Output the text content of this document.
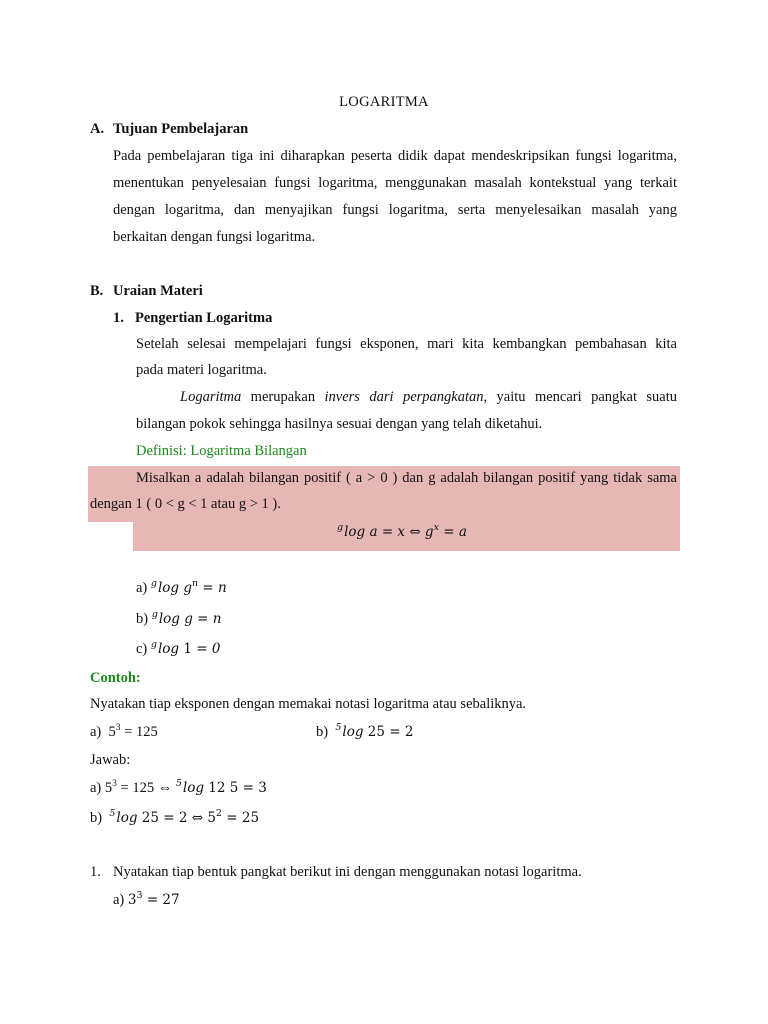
LOGARITMA
A. Tujuan Pembelajaran
Pada pembelajaran tiga ini diharapkan peserta didik dapat mendeskripsikan fungsi logaritma,
menentukan penyelesaian fungsi logaritma, menggunakan masalah kontekstual yang terkait
dengan logaritma, dan menyajikan fungsi logaritma, serta menyelesaikan masalah yang
berkaitan dengan fungsi logaritma.
B. Uraian Materi
1. Pengertian Logaritma
Setelah selesai mempelajari fungsi eksponen, mari kita kembangkan pembahasan kita
pada materi logaritma.
Logaritma merupakan invers dari perpangkatan, yaitu mencari pangkat suatu
bilangan pokok sehingga hasilnya sesuai dengan yang telah diketahui.
Definisi: Logaritma Bilangan
Misalkan a adalah bilangan positif ( a > 0 ) dan g adalah bilangan positif yang tidak sama
dengan 1 ( 0 < g < 1 atau g > 1 ).
$^g$log a = x ⇔ $g^x = a$
a) $^g$log $g^n = n$
b) $^g$log g = n
c) $^g$log 1 = 0
Contoh:
Nyatakan tiap eksponen dengan memakai notasi logaritma atau sebaliknya.
a) $5^3 = 125$	b) $^5$log 25 = 2
Jawab:
a) $5^3 = 125$ ⇔ $^5$log 12 5 = 3
b) $^5$log 25 = 2 ⇔ $5^2 = 25$
1. Nyatakan tiap bentuk pangkat berikut ini dengan menggunakan notasi logaritma.
a) $3^3 = 27$
